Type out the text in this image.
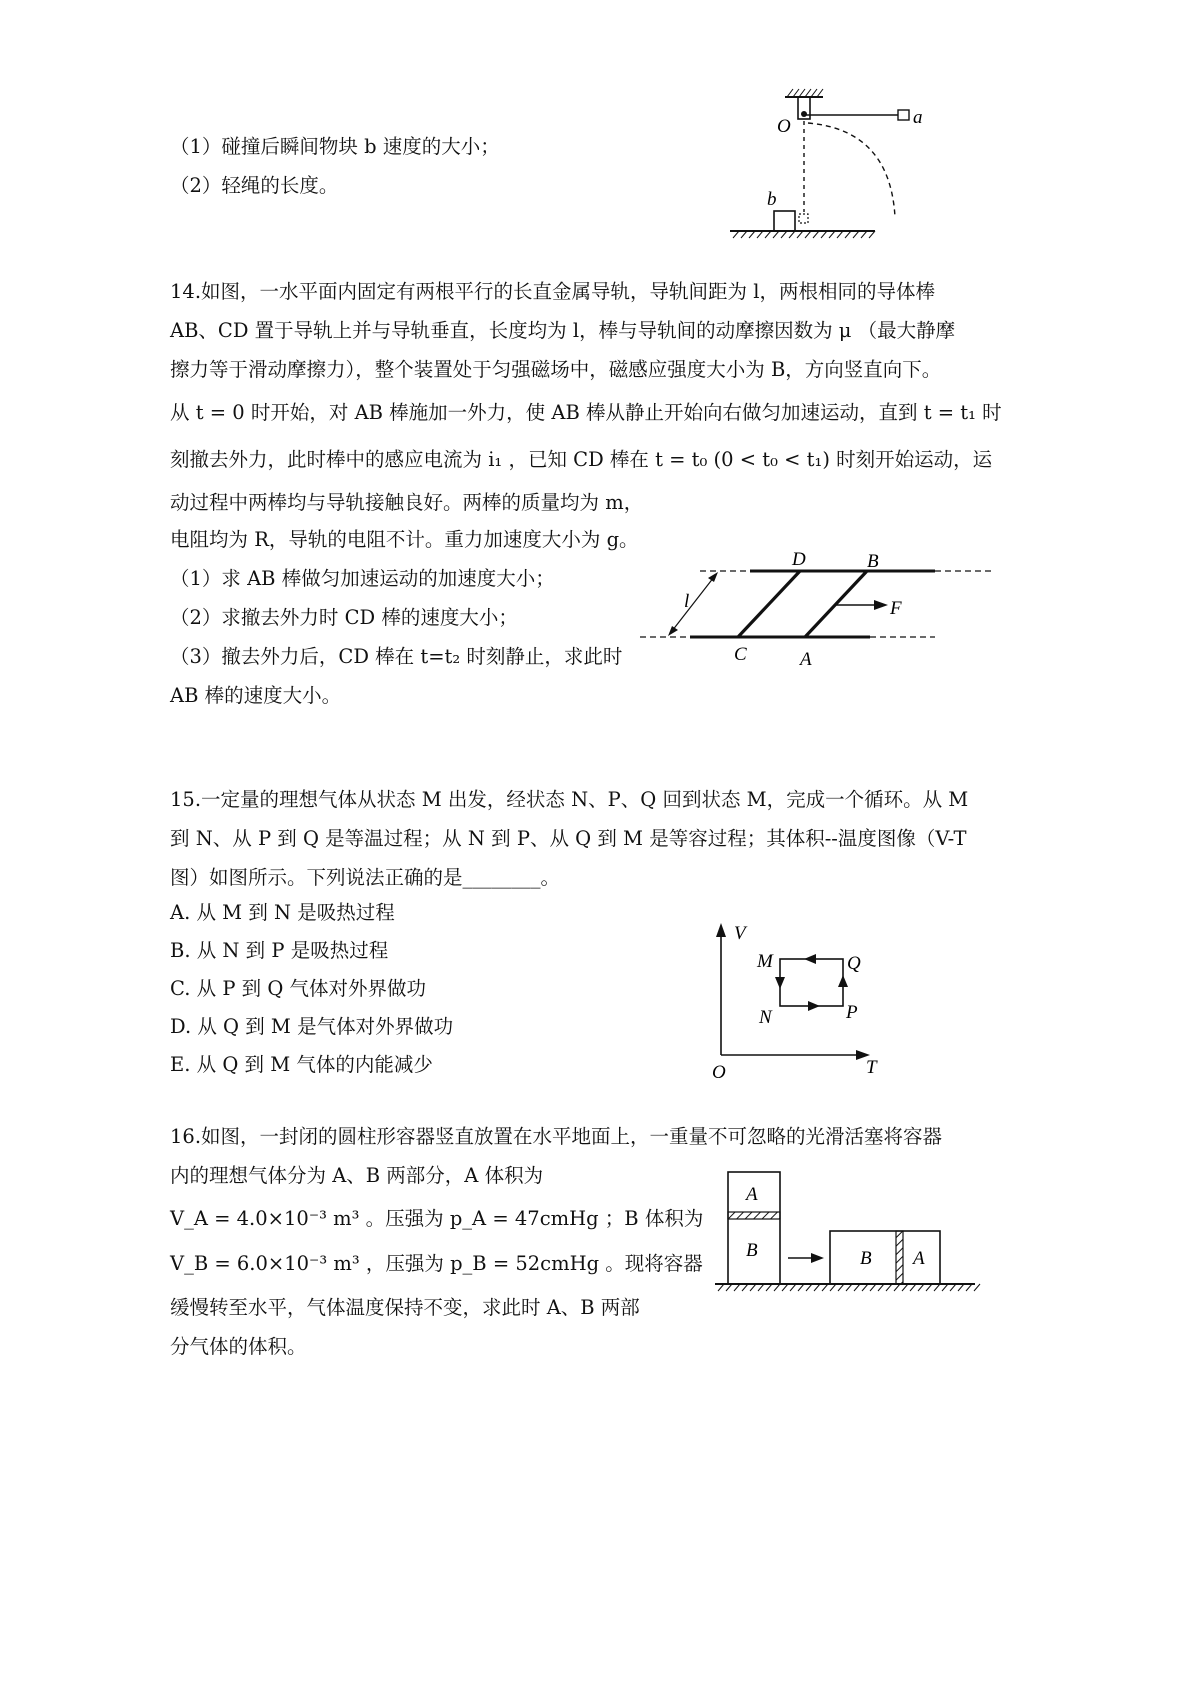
（1）碰撞后瞬间物块 b 速度的大小；
（2）轻绳的长度。
O	a
b
14.如图，一水平面内固定有两根平行的长直金属导轨，导轨间距为 l，两根相同的导体棒
AB、CD 置于导轨上并与导轨垂直，长度均为 l，棒与导轨间的动摩擦因数为 μ （最大静摩
擦力等于滑动摩擦力），整个装置处于匀强磁场中，磁感应强度大小为 B，方向竖直向下。
从 t = 0 时开始，对 AB 棒施加一外力，使 AB 棒从静止开始向右做匀加速运动，直到 t = t₁ 时
刻撤去外力，此时棒中的感应电流为 i₁ ，已知 CD 棒在 t = t₀ (0 < t₀ < t₁) 时刻开始运动，运
动过程中两棒均与导轨接触良好。两棒的质量均为 m，
电阻均为 R，导轨的电阻不计。重力加速度大小为 g。
（1）求 AB 棒做匀加速运动的加速度大小；
（2）求撤去外力时 CD 棒的速度大小；
（3）撤去外力后，CD 棒在 t=t₂ 时刻静止，求此时
AB 棒的速度大小。
D	B
C	A
F
l
15.一定量的理想气体从状态 M 出发，经状态 N、P、Q 回到状态 M，完成一个循环。从 M
到 N、从 P 到 Q 是等温过程；从 N 到 P、从 Q 到 M 是等容过程；其体积--温度图像（V-T
图）如图所示。下列说法正确的是________。
A. 从 M 到 N 是吸热过程
B. 从 N 到 P 是吸热过程
C. 从 P 到 Q 气体对外界做功
D. 从 Q 到 M 是气体对外界做功
E. 从 Q 到 M 气体的内能减少
V
T
O
M	Q
N	P
16.如图，一封闭的圆柱形容器竖直放置在水平地面上，一重量不可忽略的光滑活塞将容器
内的理想气体分为 A、B 两部分，A 体积为
V_A = 4.0×10⁻³ m³ 。压强为 p_A = 47cmHg ；B 体积为
V_B = 6.0×10⁻³ m³ ，压强为 p_B = 52cmHg 。现将容器
缓慢转至水平，气体温度保持不变，求此时 A、B 两部
分气体的体积。
A
B	B A
